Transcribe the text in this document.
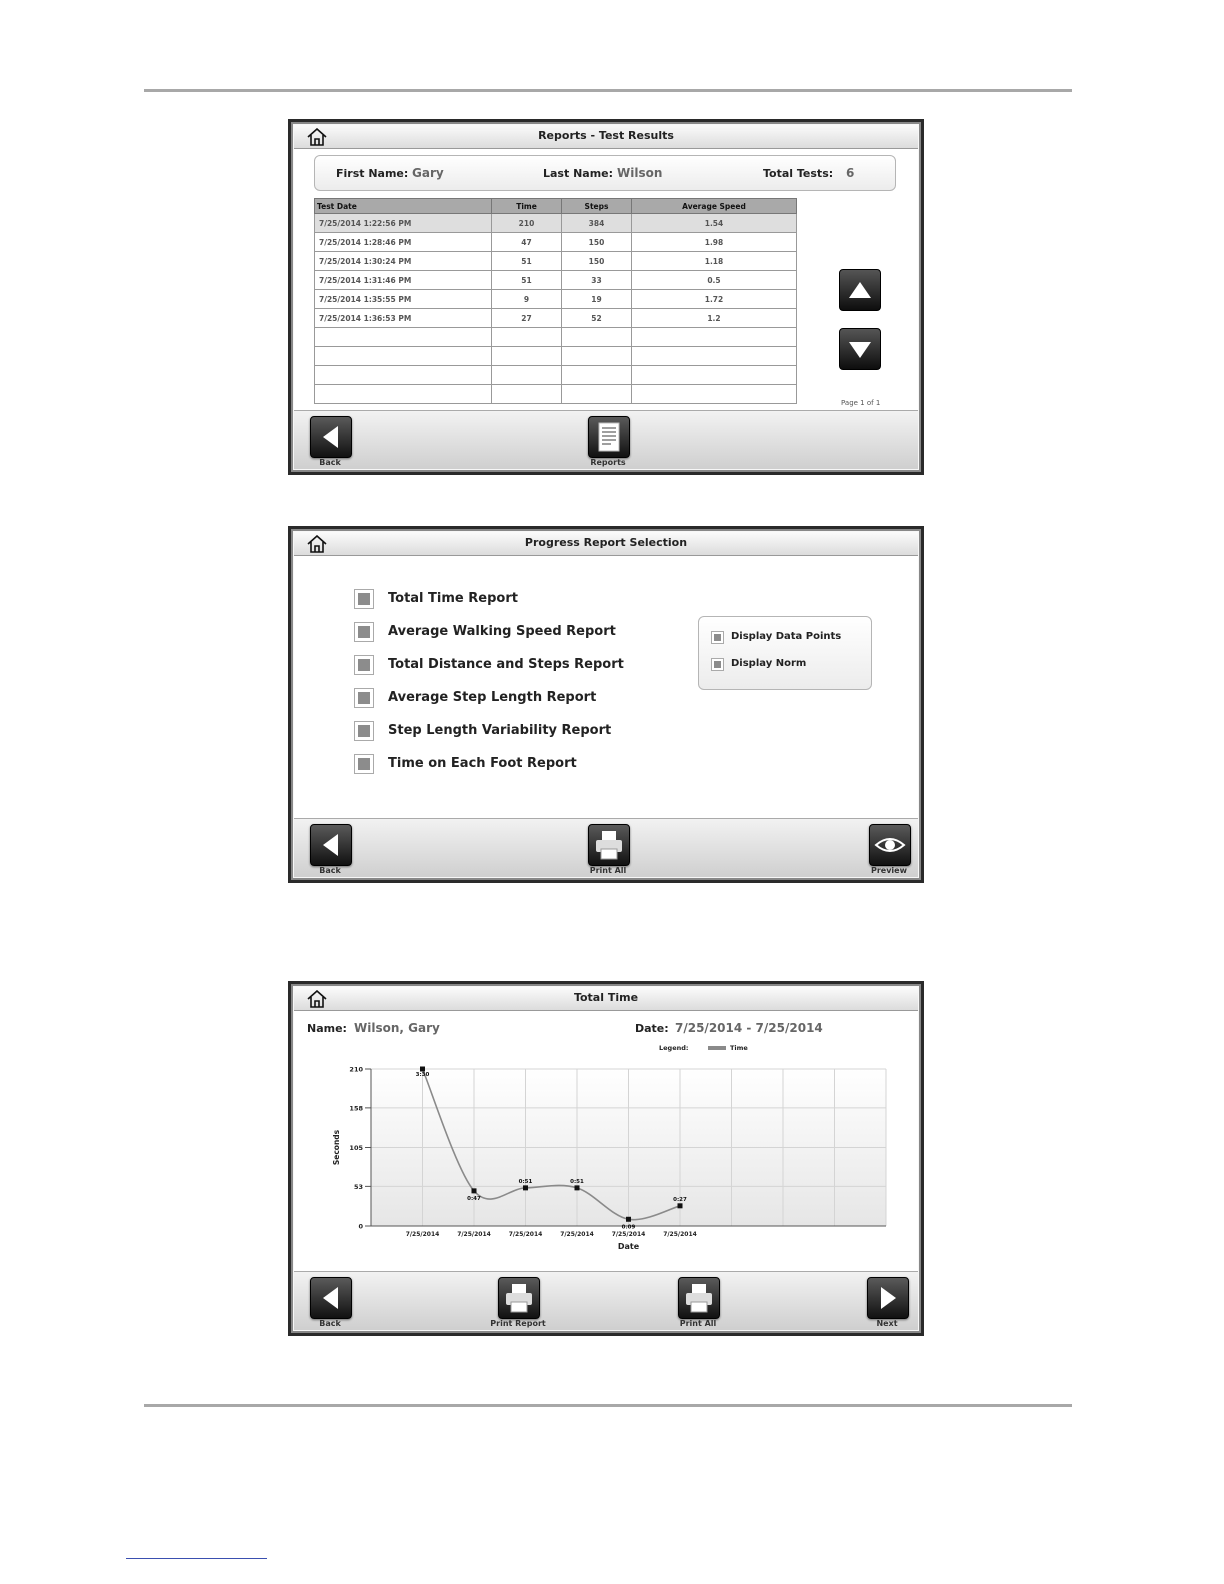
Reports - Test Results
First Name: Gary	Last Name: Wilson	Total Tests: 6
Test Date	Time	Steps	Average Speed
7/25/2014 1:22:56 PM	210	384	1.54
7/25/2014 1:28:46 PM	47	150	1.98
7/25/2014 1:30:24 PM	51	150	1.18
7/25/2014 1:31:46 PM	51	33	0.5
7/25/2014 1:35:55 PM	9	19	1.72
7/25/2014 1:36:53 PM	27	52	1.2

Page 1 of 1
Back	Reports
Progress Report Selection
Total Time Report
Average Walking Speed Report
Total Distance and Steps Report
Average Step Length Report
Step Length Variability Report
Time on Each Foot Report
Display Data Points
Display Norm
Back	Print All	Preview
Total Time
Name: Wilson, Gary	Date: 7/25/2014 - 7/25/2014
Legend:	Time
0
53
105
158
210
3:30
7/25/2014
0:47
7/25/2014
0:51
7/25/2014
0:51
7/25/2014
0:09
7/25/2014
0:27
7/25/2014
Date
Seconds
Back	Print Report	Print All	Next
